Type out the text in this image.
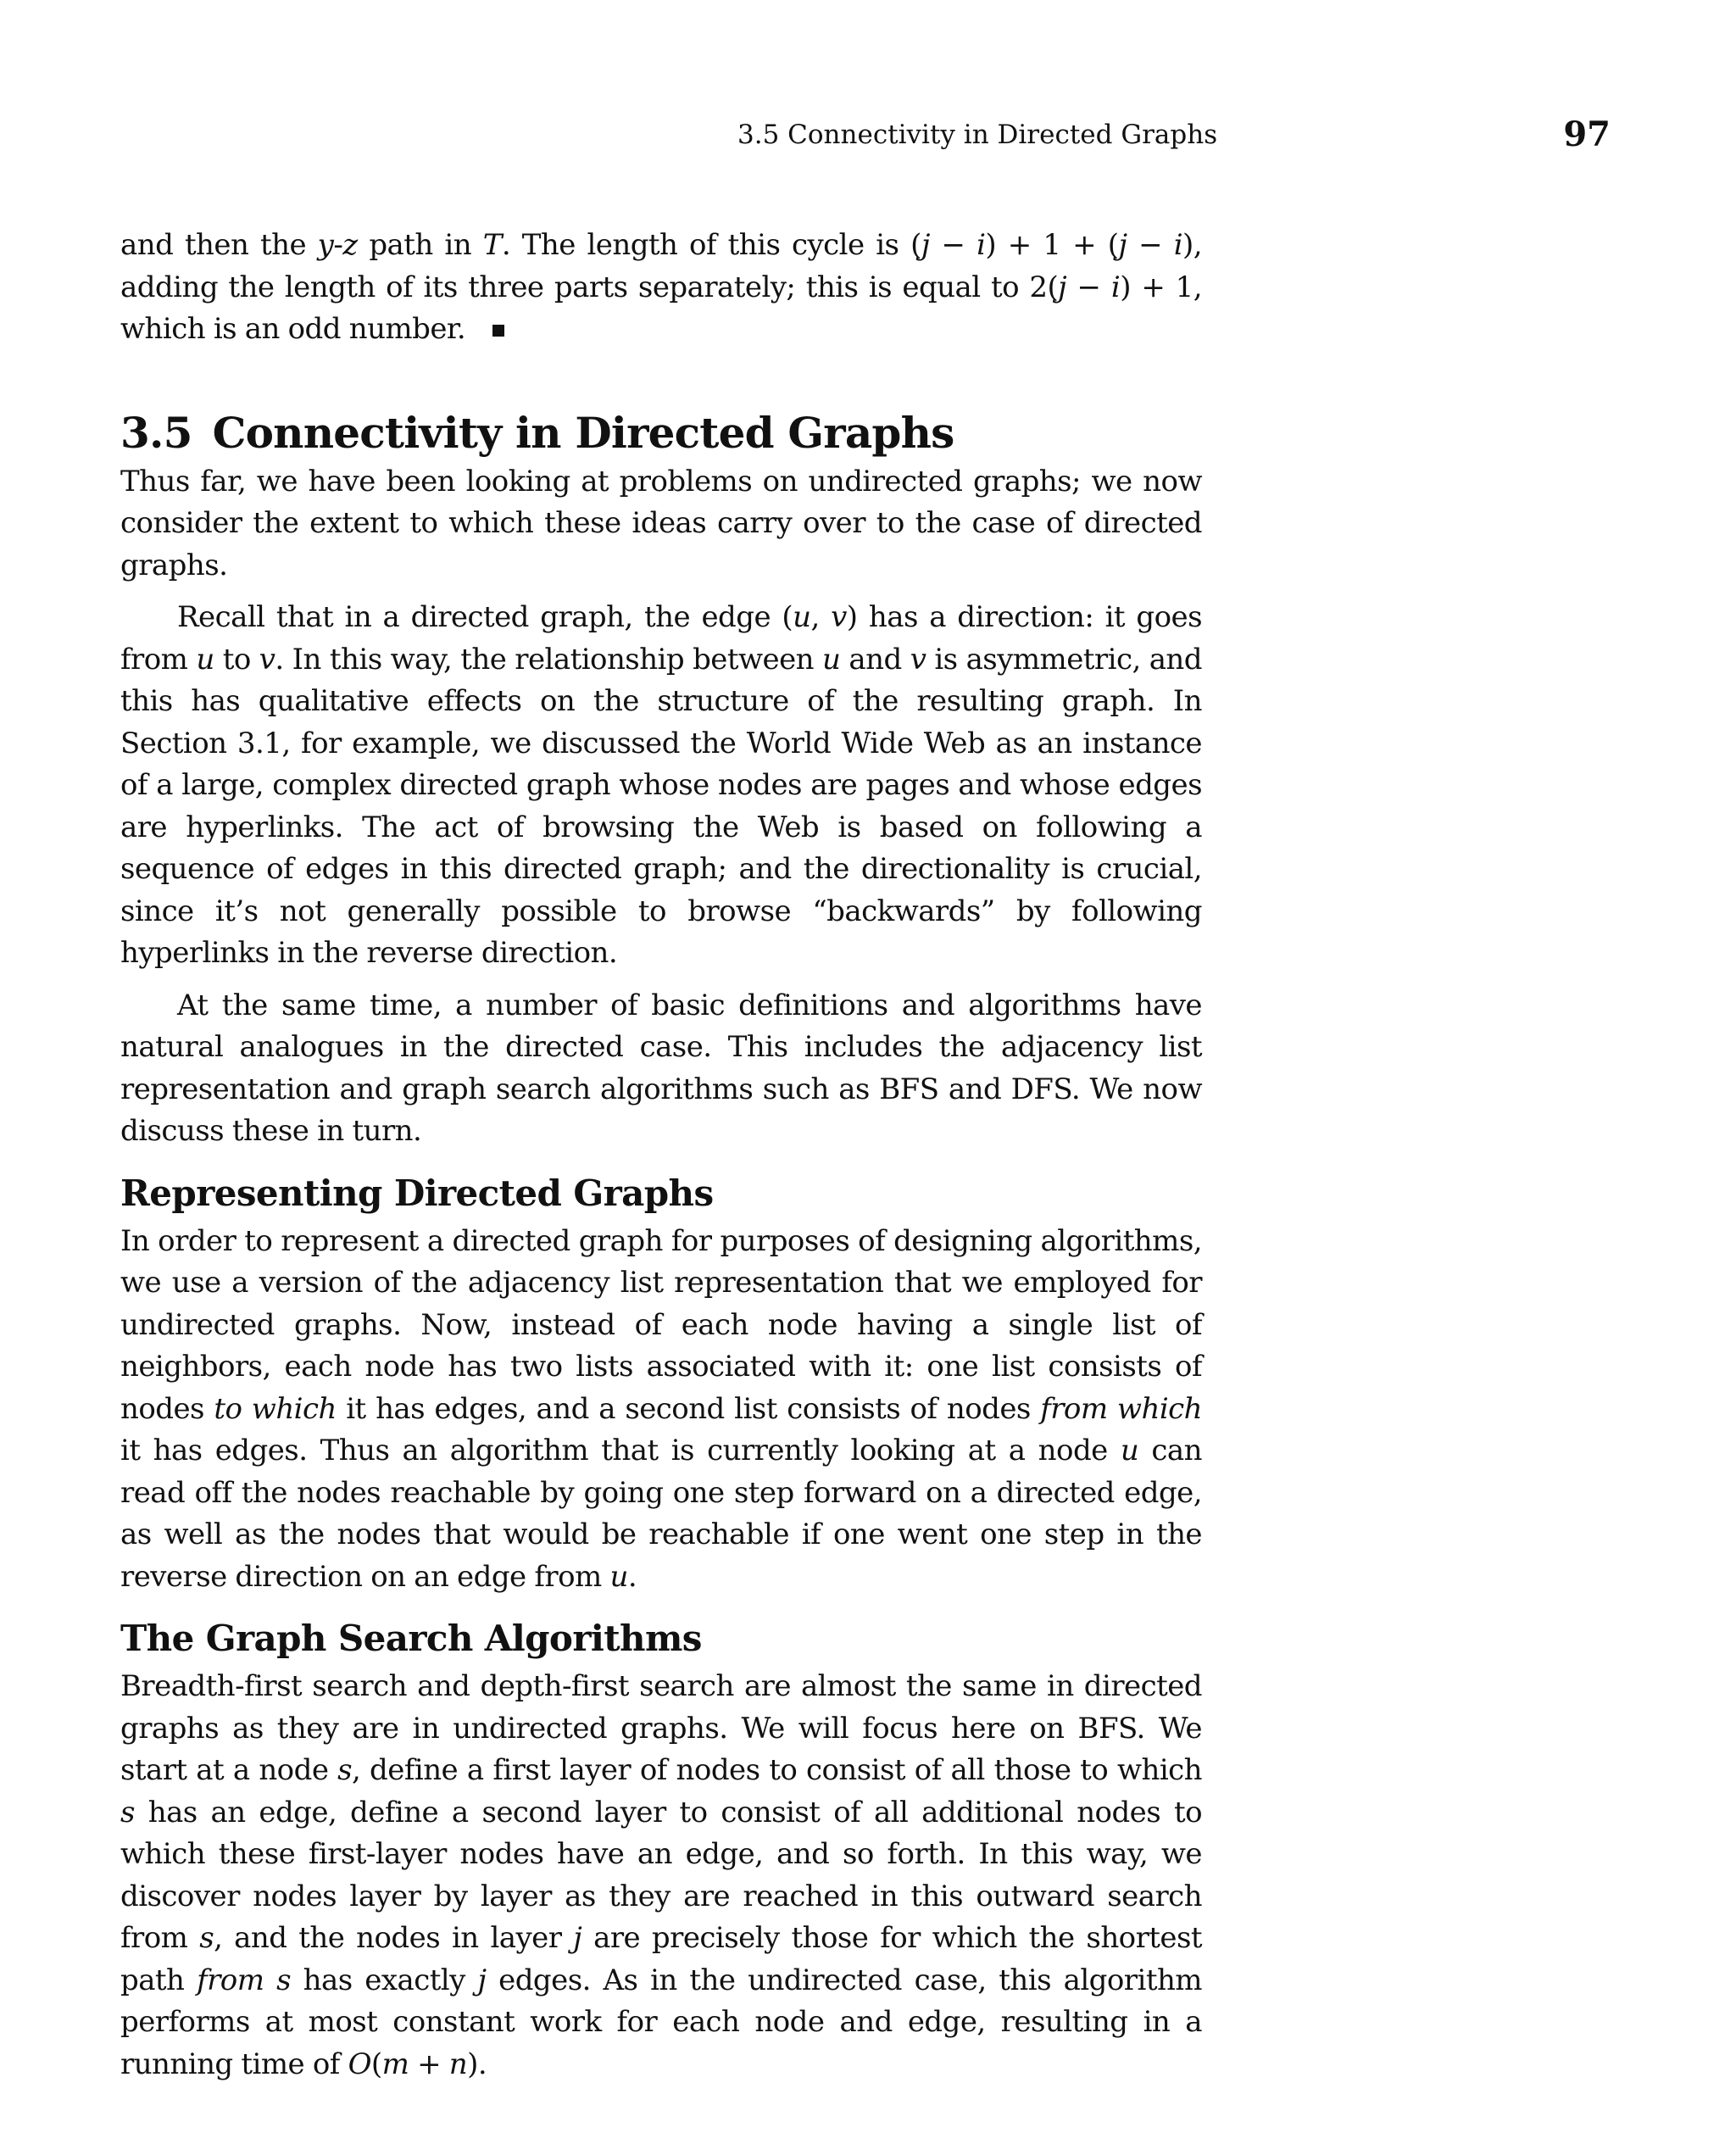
3.5 Connectivity in Directed Graphs	97

and then the y-z path in T. The length of this cycle is (j − i) + 1 + (j − i), adding the length of its three parts separately; this is equal to 2(j − i) + 1, which is an odd number.

3.5 Connectivity in Directed Graphs

Thus far, we have been looking at problems on undirected graphs; we now consider the extent to which these ideas carry over to the case of directed graphs.

Recall that in a directed graph, the edge (u, v) has a direction: it goes from u to v. In this way, the relationship between u and v is asymmetric, and this has qualitative effects on the structure of the resulting graph. In Section 3.1, for example, we discussed the World Wide Web as an instance of a large, complex directed graph whose nodes are pages and whose edges are hyperlinks. The act of browsing the Web is based on following a sequence of edges in this directed graph; and the directionality is crucial, since it’s not generally possible to browse “backwards” by following hyperlinks in the reverse direction.

At the same time, a number of basic definitions and algorithms have natural analogues in the directed case. This includes the adjacency list representation and graph search algorithms such as BFS and DFS. We now discuss these in turn.

Representing Directed Graphs

In order to represent a directed graph for purposes of designing algorithms, we use a version of the adjacency list representation that we employed for undirected graphs. Now, instead of each node having a single list of neighbors, each node has two lists associated with it: one list consists of nodes to which it has edges, and a second list consists of nodes from which it has edges. Thus an algorithm that is currently looking at a node u can read off the nodes reachable by going one step forward on a directed edge, as well as the nodes that would be reachable if one went one step in the reverse direction on an edge from u.

The Graph Search Algorithms

Breadth-first search and depth-first search are almost the same in directed graphs as they are in undirected graphs. We will focus here on BFS. We start at a node s, define a first layer of nodes to consist of all those to which s has an edge, define a second layer to consist of all additional nodes to which these first-layer nodes have an edge, and so forth. In this way, we discover nodes layer by layer as they are reached in this outward search from s, and the nodes in layer j are precisely those for which the shortest path from s has exactly j edges. As in the undirected case, this algorithm performs at most constant work for each node and edge, resulting in a running time of O(m + n).
